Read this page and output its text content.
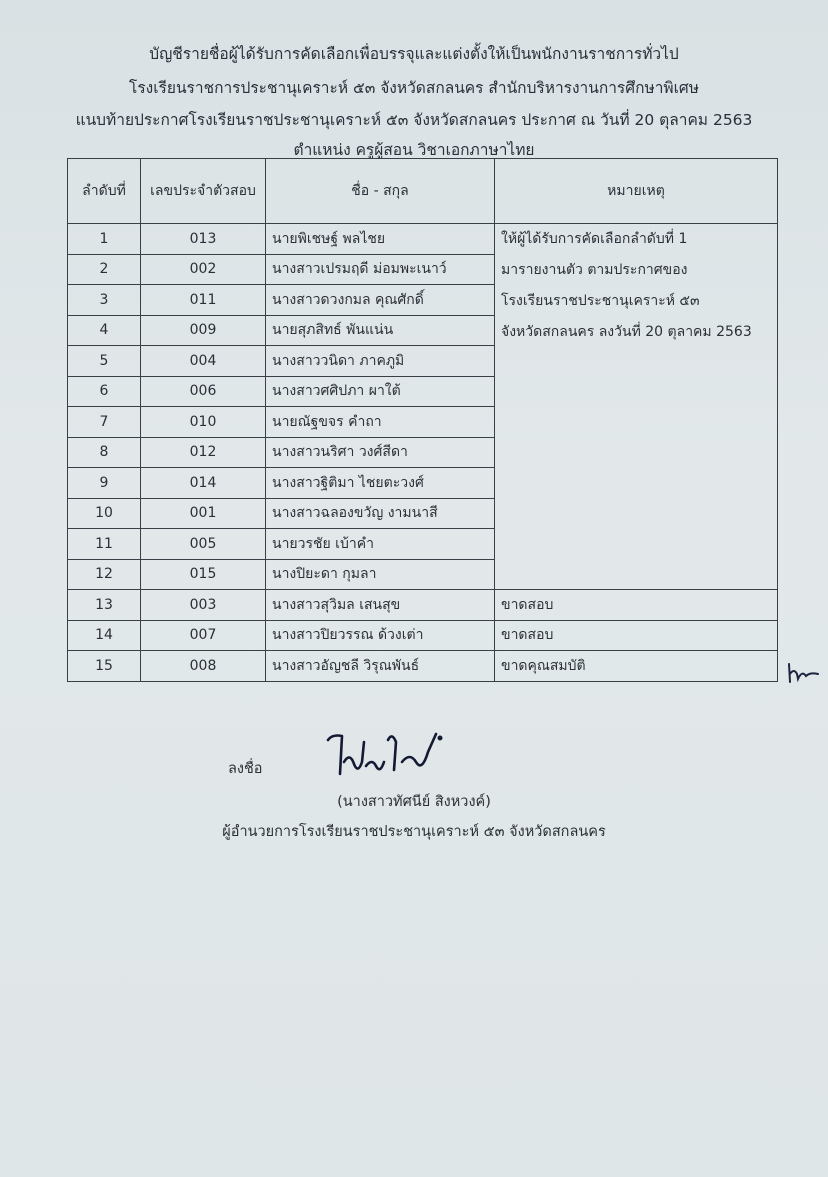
บัญชีรายชื่อผู้ได้รับการคัดเลือกเพื่อบรรจุและแต่งตั้งให้เป็นพนักงานราชการทั่วไป
โรงเรียนราชการประชานุเคราะห์ ๕๓ จังหวัดสกลนคร สำนักบริหารงานการศึกษาพิเศษ
แนบท้ายประกาศโรงเรียนราชประชานุเคราะห์ ๕๓ จังหวัดสกลนคร ประกาศ ณ วันที่ 20 ตุลาคม 2563
ตำแหน่ง ครูผู้สอน วิชาเอกภาษาไทย
ลำดับที่	เลขประจำตัวสอบ	ชื่อ - สกุล	หมายเหตุ
1	013	นายพิเชษฐ์ พลไชย	ให้ผู้ได้รับการคัดเลือกลำดับที่ 1
มารายงานตัว ตามประกาศของ
โรงเรียนราชประชานุเคราะห์ ๕๓
จังหวัดสกลนคร ลงวันที่ 20 ตุลาคม 2563

2	002	นางสาวเปรมฤดี ม่อมพะเนาว์	
3	011	นางสาวดวงกมล คุณศักดิ์	
4	009	นายสุภสิทธ์ พันแน่น	
5	004	นางสาววนิดา ภาคภูมิ	
6	006	นางสาวศศิปภา ผาใต้	
7	010	นายณัฐขจร คำถา	
8	012	นางสาวนริศา วงศ์สีดา	
9	014	นางสาวฐิติมา ไชยตะวงศ์	
10	001	นางสาวฉลองขวัญ งามนาสี	
11	005	นายวรชัย เบ้าคำ	
12	015	นางปิยะดา กุมลา	
13	003	นางสาวสุวิมล เสนสุข	ขาดสอบ
14	007	นางสาวปิยวรรณ ด้วงเต่า	ขาดสอบ
15	008	นางสาวอัญชลี วิรุณพันธ์	ขาดคุณสมบัติ
ลงชื่อ
(นางสาวทัศนีย์ สิงหวงค์)
ผู้อำนวยการโรงเรียนราชประชานุเคราะห์ ๕๓ จังหวัดสกลนคร
